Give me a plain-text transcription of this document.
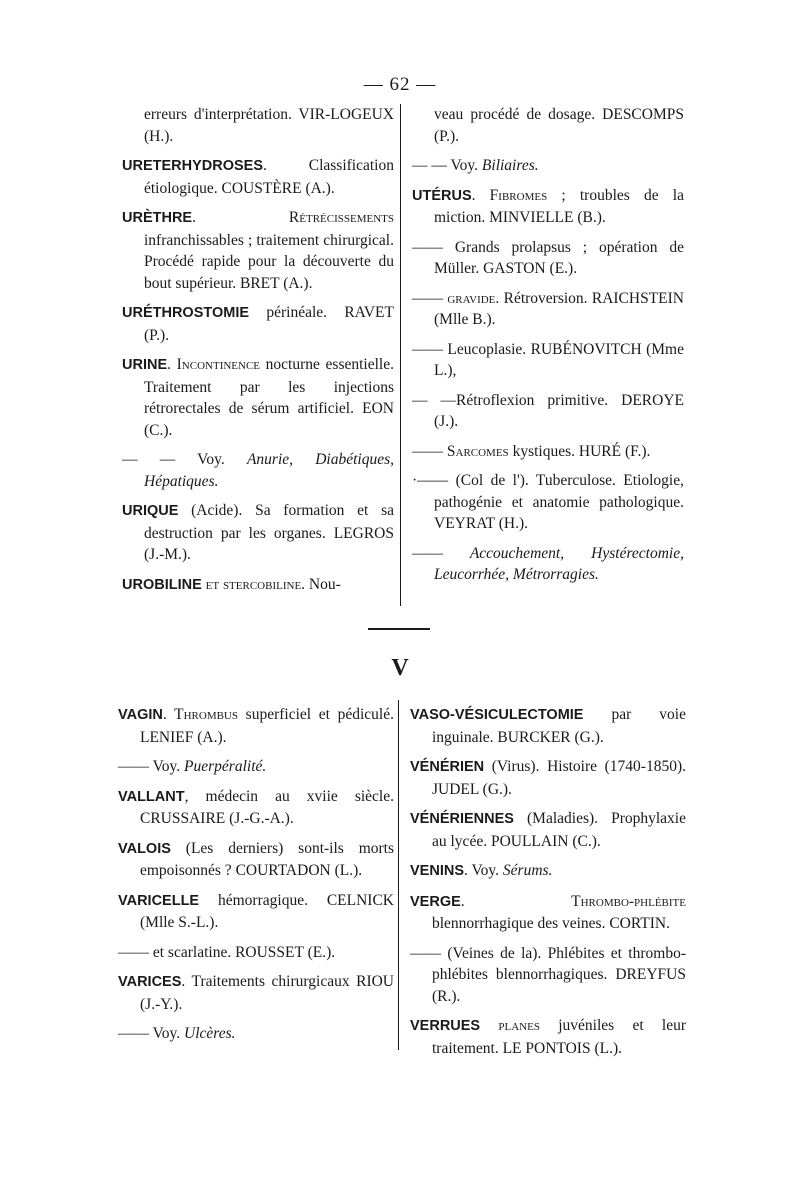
— 62 —

erreurs d'interprétation. VIR-LOGEUX (H.).

URETERHYDROSES. Classification étiologique. COUSTÈRE (A.).

URÈTHRE. Rétrécissements infranchissables ; traitement chirurgical. Procédé rapide pour la découverte du bout supérieur. BRET (A.).

URÉTHROSTOMIE périnéale. RAVET (P.).

URINE. Incontinence nocturne essentielle. Traitement par les injections rétrorectales de sérum artificiel. EON (C.).

— — Voy. Anurie, Diabétiques, Hépatiques.

URIQUE (Acide). Sa formation et sa destruction par les organes. LEGROS (J.-M.).

UROBILINE et stercobiline. Nou-

veau procédé de dosage. DESCOMPS (P.).

— — Voy. Biliaires.

UTÉRUS. Fibromes ; troubles de la miction. MINVIELLE (B.).

—— Grands prolapsus ; opération de Müller. GASTON (E.).

—— gravide. Rétroversion. RAICHSTEIN (Mlle B.).

—— Leucoplasie. RUBÉNOVITCH (Mme L.),

— —Rétroflexion primitive. DEROYE (J.).

—— Sarcomes kystiques. HURÉ (F.).

·—— (Col de l'). Tuberculose. Etiologie, pathogénie et anatomie pathologique. VEYRAT (H.).

—— Accouchement, Hystérectomie, Leucorrhée, Métrorragies.

V

VAGIN. Thrombus superficiel et pédiculé. LENIEF (A.).

—— Voy. Puerpéralité.

VALLANT, médecin au xviie siècle. CRUSSAIRE (J.-G.-A.).

VALOIS (Les derniers) sont-ils morts empoisonnés ? COURTADON (L.).

VARICELLE hémorragique. CELNICK (Mlle S.-L.).

—— et scarlatine. ROUSSET (E.).

VARICES. Traitements chirurgicaux RIOU (J.-Y.).

—— Voy. Ulcères.

VASO-VÉSICULECTOMIE par voie inguinale. BURCKER (G.).

VÉNÉRIEN (Virus). Histoire (1740-1850). JUDEL (G.).

VÉNÉRIENNES (Maladies). Prophylaxie au lycée. POULLAIN (C.).

VENINS. Voy. Sérums.

VERGE. Thrombo-phlébite blennorrhagique des veines. CORTIN.

—— (Veines de la). Phlébites et thrombo-phlébites blennorrhagiques. DREYFUS (R.).

VERRUES planes juvéniles et leur traitement. LE PONTOIS (L.).
